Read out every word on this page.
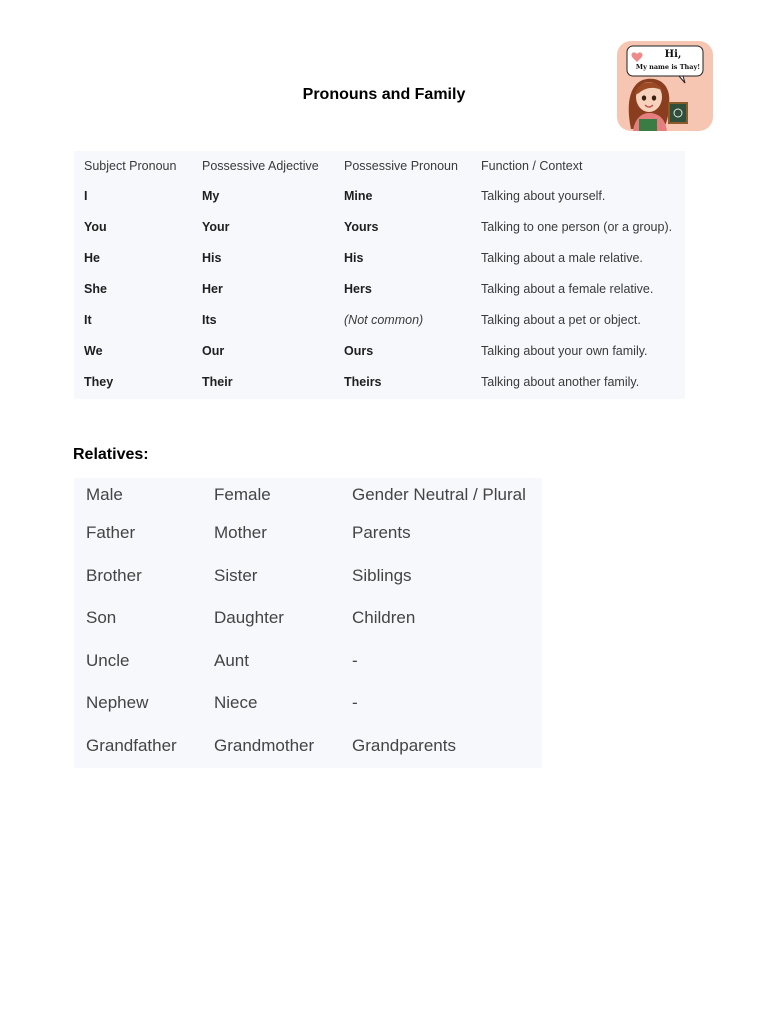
Pronouns and Family
Hi,
My name is Thay!
Subject Pronoun	Possessive Adjective	Possessive Pronoun	Function / Context
I	My	Mine	Talking about yourself.
You	Your	Yours	Talking to one person (or a group).
He	His	His	Talking about a male relative.
She	Her	Hers	Talking about a female relative.
It	Its	(Not common)	Talking about a pet or object.
We	Our	Ours	Talking about your own family.
They	Their	Theirs	Talking about another family.
Relatives:
Male	Female	Gender Neutral / Plural
Father	Mother	Parents
Brother	Sister	Siblings
Son	Daughter	Children
Uncle	Aunt	-
Nephew	Niece	-
Grandfather	Grandmother	Grandparents
